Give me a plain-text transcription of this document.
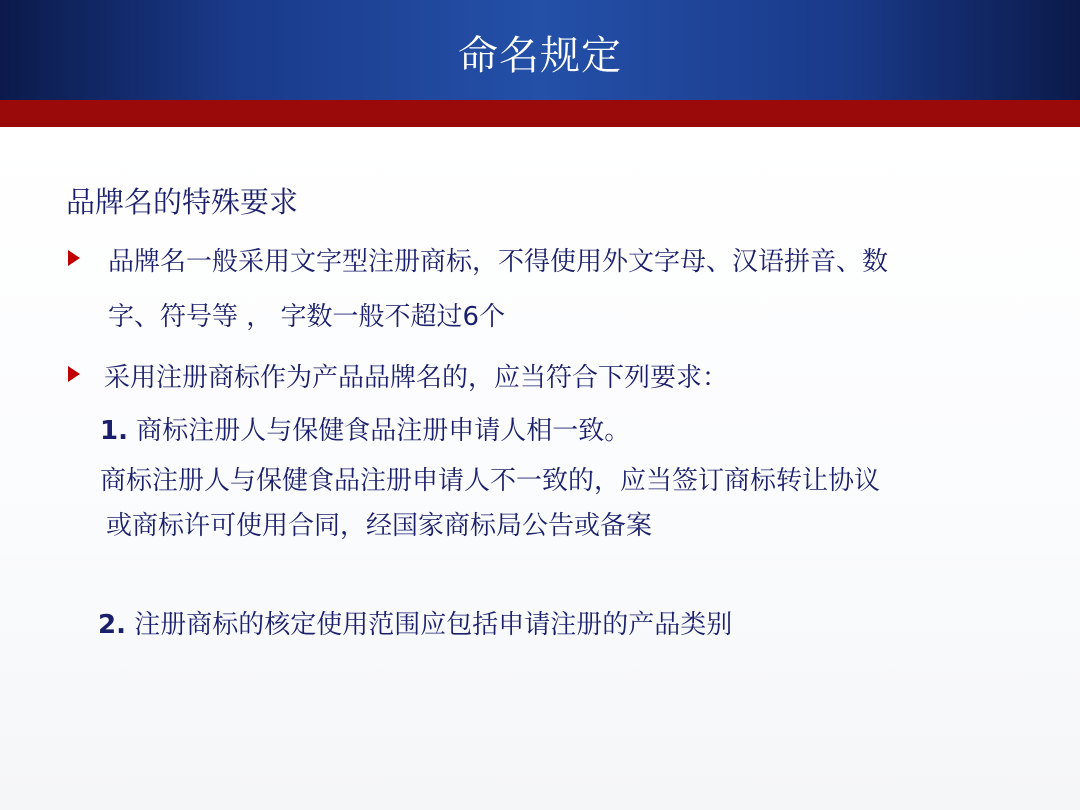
命名规定
品牌名的特殊要求
品牌名一般采用文字型注册商标，不得使用外文字母、汉语拼音、数
字、符号等 ， 字数一般不超过6个
采用注册商标作为产品品牌名的，应当符合下列要求：
1. 商标注册人与保健食品注册申请人相一致。
商标注册人与保健食品注册申请人不一致的，应当签订商标转让协议
或商标许可使用合同，经国家商标局公告或备案
2. 注册商标的核定使用范围应包括申请注册的产品类别
